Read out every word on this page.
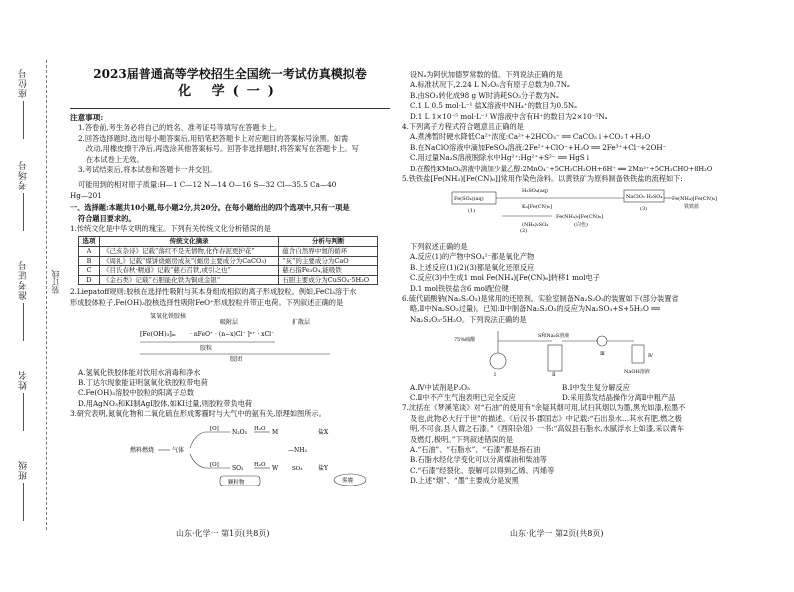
座位号
考场号
准考证号
姓名
班级
装订线
2023届普通高等学校招生全国统一考试仿真模拟卷
化 学(一)

注意事项:

1.答卷前,考生务必将自己的姓名、准考证号等填写在答题卡上。

2.回答选择题时,选出每小题答案后,用铅笔把答题卡上对应题目的答案标号涂黑。如需

改动,用橡皮擦干净后,再选涂其他答案标号。回答非选择题时,将答案写在答题卡上。写

在本试卷上无效。

3.考试结束后,将本试卷和答题卡一并交回。

可能用到的相对原子质量:H—1 C—12 N—14 O—16 S—32 Cl—35.5 Ca—40

Hg—201

一、选择题:本题共10小题,每小题2分,共20分。在每小题给出的四个选项中,只有一项是

符合题目要求的。

1.传统文化是中华文明的瑰宝。下列有关传统文化分析错误的是

选项	传统文化摘录	分析与判断
A	《己亥杂诗》记载“落红不是无情物,化作春泥更护花”	蕴含自然界中氮的循环
B	《周礼》记载“煤饼烧蛎房成灰”(蛎房主要成分为CaCO₃)	“灰”的主要成分为CaO
C	《目氏春秋·精通》记载“慈石召铁,或引之也”	慈石指Fe₃O₄,能吸铁
D	《金石类》记载“石胆能化铁为铜成金银”	石胆主要成分为CuSO₄·5H₂O

2.Liepatoff规则:胶核在选择性吸附与其本身组成相似的离子形成胶粒。例如,FeCl₃溶于水

形成胶体粒子,Fe(OH)₃胶核选择性吸附FeO⁺形成胶粒并带正电荷。下列叙述正确的是

氢氧化铁胶核
吸附层	扩散层
[Fe(OH)₃]ₘ · nFeO⁺ · (n−x)Cl⁻ ]ˣ⁺ · xCl⁻
胶粒
胶团

A.氢氧化铁胶体能对饮用水消毒和净水

B.丁达尔现象能证明氢氧化铁胶粒带电荷

C.Fe(OH)₃溶胶中胶粒的阳离子总数

D.用AgNO₃和KI制AgI胶体,如KI过量,则胶粒带负电荷

3.研究表明,氮氧化物和二氧化硫在形成雾霾时与大气中的氨有关,原理如图所示。

燃料燃烧	气体
[O]
[O]
N₂O₅
SO₂
H₂O
H₂O
M
W
—NH₃
盐X
盐Y
SO₃
颗粒物	雾霾
山东·化学一 第1页(共8页)

设Nₐ为阿伏加德罗常数的值。下列说法正确的是

A.标准状况下,2.24 L N₂O₅含有原子总数为0.7Nₐ

B.由SO₂转化成98 g W时消耗SO₂分子数为Nₐ

C.1 L 0.5 mol·L⁻¹ 盐X溶液中NH₄⁺的数目为0.5Nₐ

D.1 L 1×10⁻⁵ mol·L⁻¹ W溶液中含有H⁺的数目为2×10⁻⁵Nₐ

4.下列离子方程式符合题意且正确的是

A.煮沸暂时硬水降低Ca²⁺浓度:Ca²⁺+2HCO₃⁻ ══ CaCO₃↓+CO₂↑+H₂O

B.在NaClO溶液中滴加FeSO₄溶液:2Fe²⁺+ClO⁻+H₂O ══ 2Fe³⁺+Cl⁻+2OH⁻

C.用过量Na₂S溶液脱除水中Hg²⁺:Hg²⁺+S²⁻ ══ HgS↓

D.在酸性KMnO₄溶液中滴加少量乙醇:2MnO₄⁻+5CH₃CH₂OH+6H⁺ ══ 2Mn²⁺+5CH₃CHO+8H₂O

5.铁铁盐[Fe(NH₃)[Fe(CN)₆]]常用作染色涂料。以黄铁矿为原料制备铁铁盐的流程如下:

Fe(SO₄)(aq)
(1)
H₂SO₄(aq)
K₃[Fe(CN)₆]
(NH₄)₂SO₄
(2)
Fe(NH₄)₂[Fe(CN)₆]
(白色)
NaClO₃ H₂SO₄
(3)
Fe(NH₄)[Fe(CN)₆]
铁铁蓝

下列叙述正确的是

A.反应(1)的产物中SO₄²⁻都是氧化产物

B.上述反应(1)(2)(3)都是氧化还原反应

C.反应(3)中生成1 mol Fe(NH₄)[Fe(CN)₆]转移1 mol电子

D.1 mol铁铁盐含6 mol配位键

6.硫代硫酸钠(Na₂S₂O₃)是常用的还原剂。实验室制备Na₂S₂O₃的装置如下(部分装置省

略,Ⅱ中Na₂SO₃过量)。已知:Ⅱ中制备Na₂S₂O₃的反应为Na₂SO₃+S+5H₂O ══

Na₂S₂O₃·5H₂O。下列说法正确的是

75%硫酸
Ⅰ	Ⅱ
Ⅲ	Ⅳ
NaOH溶液
S和Na₂S溶液

A.Ⅳ中试剂是P₂O₅	B.Ⅰ中发生复分解反应

C.Ⅱ中不产生气泡表明已完全反应	D.采用蒸发结晶操作分离Ⅱ中粗产品

7.沈括在《梦溪笔谈》对“石油”的使用有“余疑其烟可用,试扫其烟以为墨,黑光如漆,松墨不

及也,此物必大行于世”的描述。《后汉书·郡国志》中记载:“石出泉水…其水有肥,燃之极

明,不可食,县人谓之石漆。”《酉阳杂俎》一书:“高奴县石脂水,水腻浮水上如漆,采以膏车

及燃灯,极明。”下列叙述错误的是

A.“石油”、“石脂水”、“石漆”都是指石油

B.石脂水经化学变化可以分离煤油和柴油等

C.“石漆”经裂化、裂解可以得到乙烯、丙烯等

D.上述“烟”、“墨”主要成分是炭黑

山东·化学一 第2页(共8页)
